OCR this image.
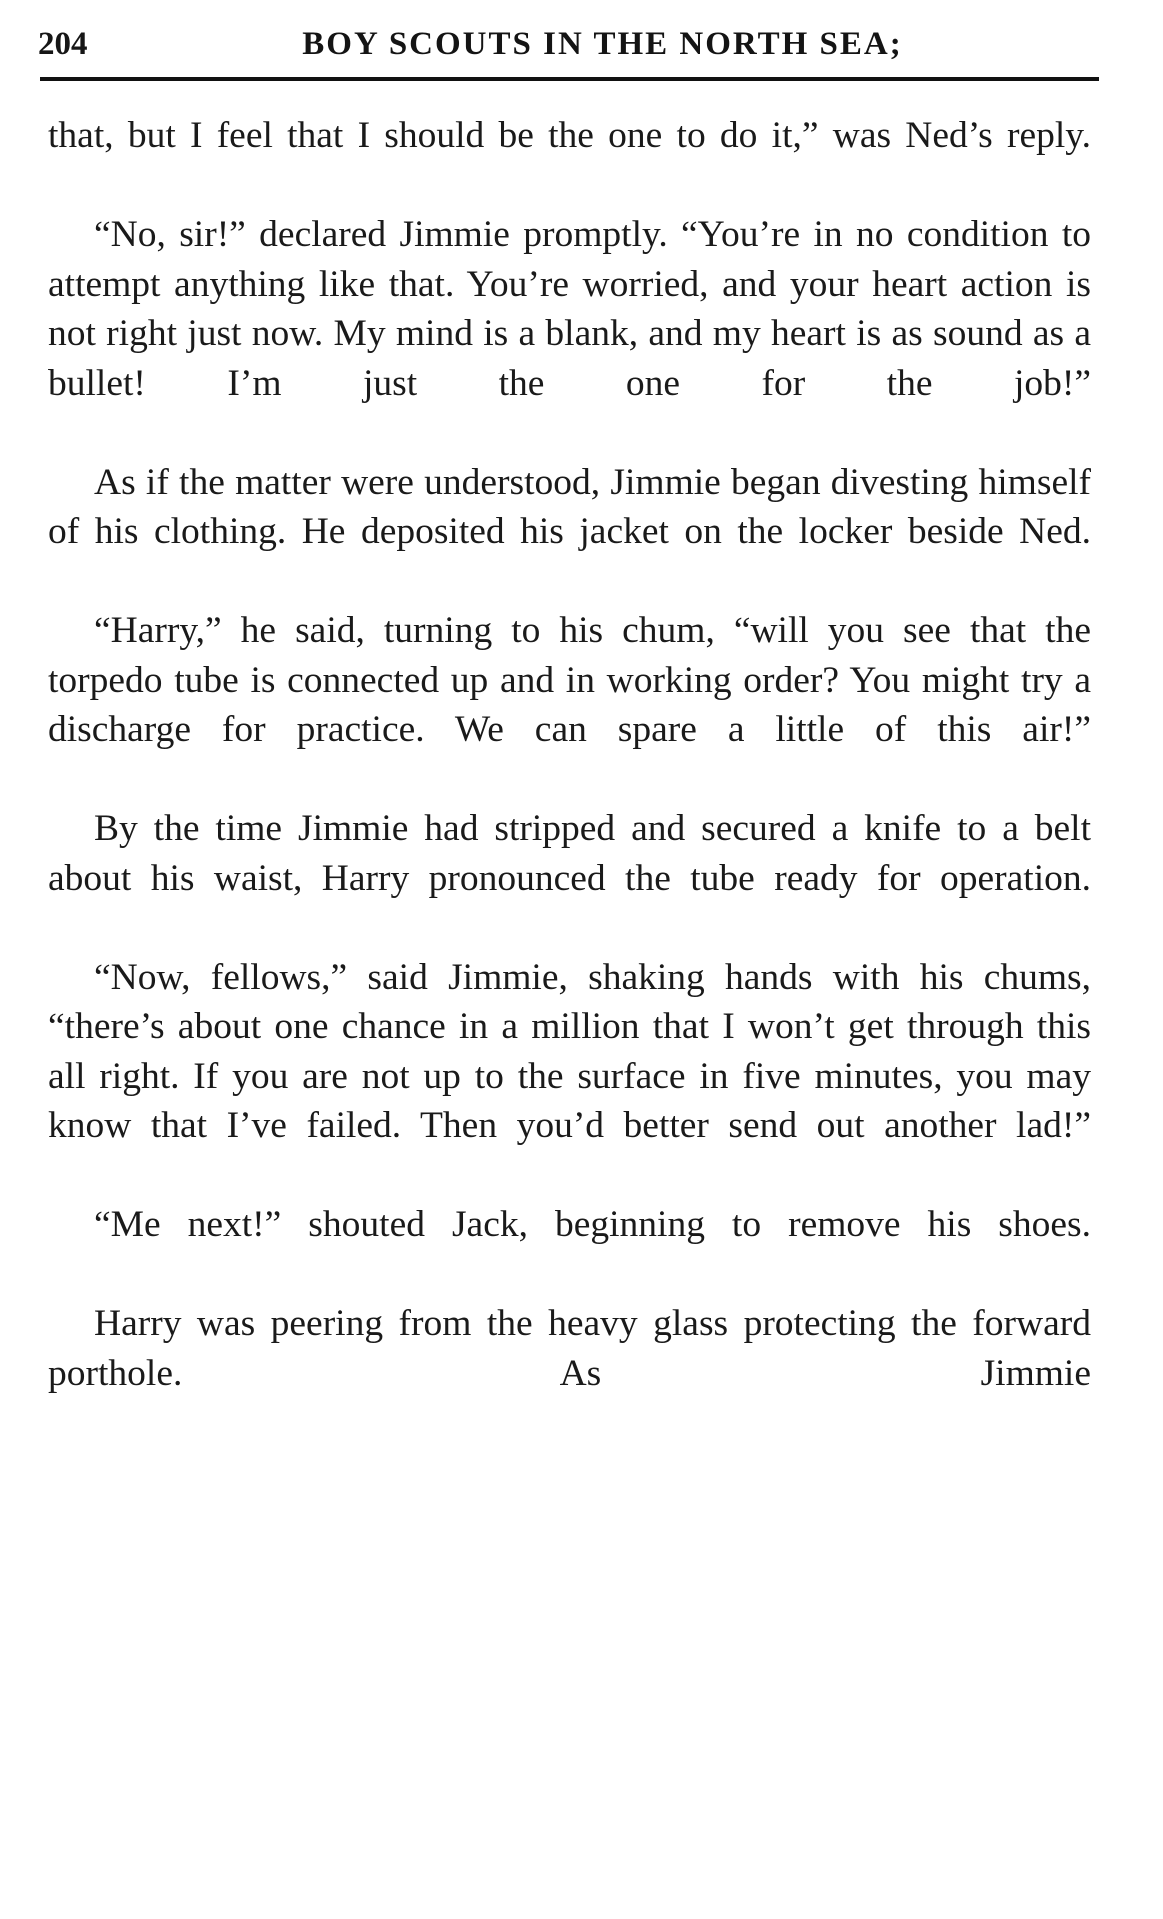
204	BOY SCOUTS IN THE NORTH SEA;

that, but I feel that I should be the one to do it,” was Ned’s reply.

“No, sir!” declared Jimmie promptly. “You’re in no condition to attempt anything like that. You’re worried, and your heart action is not right just now. My mind is a blank, and my heart is as sound as a bullet! I’m just the one for the job!”

As if the matter were understood, Jimmie began divesting himself of his clothing. He deposited his jacket on the locker beside Ned.

“Harry,” he said, turning to his chum, “will you see that the torpedo tube is connected up and in working order? You might try a discharge for practice. We can spare a little of this air!”

By the time Jimmie had stripped and secured a knife to a belt about his waist, Harry pronounced the tube ready for operation.

“Now, fellows,” said Jimmie, shaking hands with his chums, “there’s about one chance in a million that I won’t get through this all right. If you are not up to the surface in five minutes, you may know that I’ve failed. Then you’d better send out another lad!”

“Me next!” shouted Jack, beginning to remove his shoes.

Harry was peering from the heavy glass protecting the forward porthole. As Jimmie
